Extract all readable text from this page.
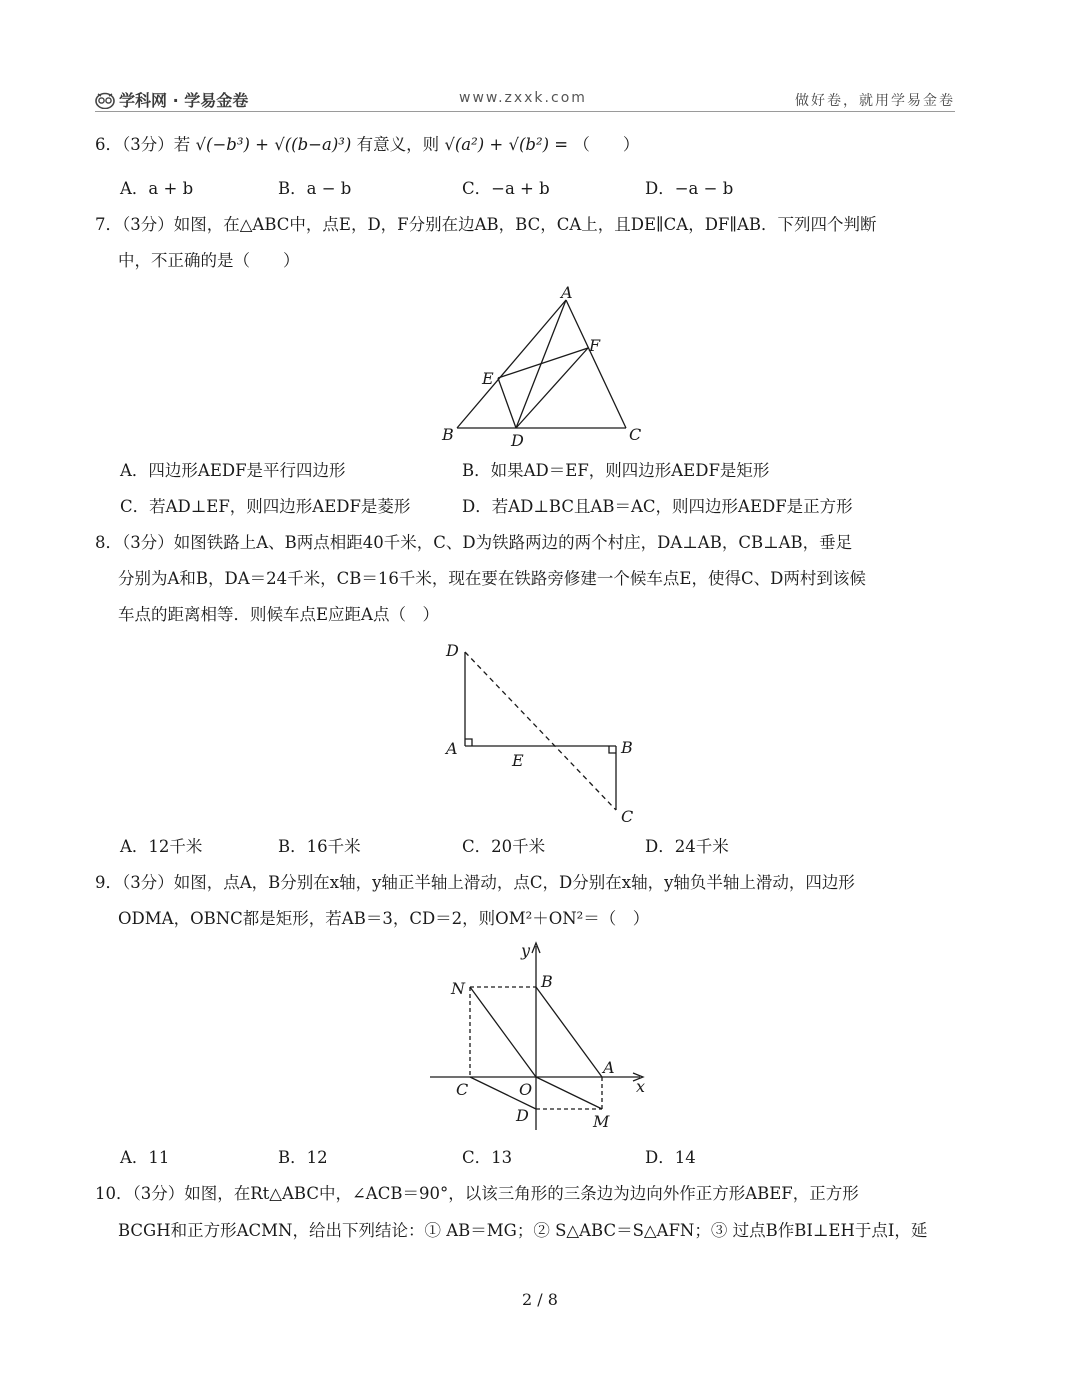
学科网 · 学易金卷	www.zxxk.com	做好卷，就用学易金卷
6．（3分）若 √(−b³) + √((b−a)³) 有意义，则 √(a²) + √(b²) = （　　）
A．a + b	B．a − b	C．−a + b	D．−a − b
7．（3分）如图，在△ABC中，点E，D，F分别在边AB，BC，CA上，且DE∥CA，DF∥AB．下列四个判断
中，不正确的是（　　）
A
F
E
B	D	C
A．四边形AEDF是平行四边形	B．如果AD＝EF，则四边形AEDF是矩形
C．若AD⊥EF，则四边形AEDF是菱形	D．若AD⊥BC且AB＝AC，则四边形AEDF是正方形
8．（3分）如图铁路上A、B两点相距40千米，C、D为铁路两边的两个村庄，DA⊥AB，CB⊥AB，垂足
分别为A和B，DA＝24千米，CB＝16千米，现在要在铁路旁修建一个候车点E，使得C、D两村到该候
车点的距离相等．则候车点E应距A点（　）
D
A
E
B
C
A．12千米	B．16千米	C．20千米	D．24千米
9．（3分）如图，点A，B分别在x轴，y轴正半轴上滑动，点C，D分别在x轴，y轴负半轴上滑动，四边形
ODMA，OBNC都是矩形，若AB＝3，CD＝2，则OM²＋ON²＝（　）
y
B
N
A
x
C	O
D	M
A．11	B．12	C．13	D．14
10．（3分）如图，在Rt△ABC中，∠ACB＝90°，以该三角形的三条边为边向外作正方形ABEF，正方形
BCGH和正方形ACMN，给出下列结论：① AB＝MG；② S△ABC＝S△AFN；③ 过点B作BI⊥EH于点I，延
2 / 8
